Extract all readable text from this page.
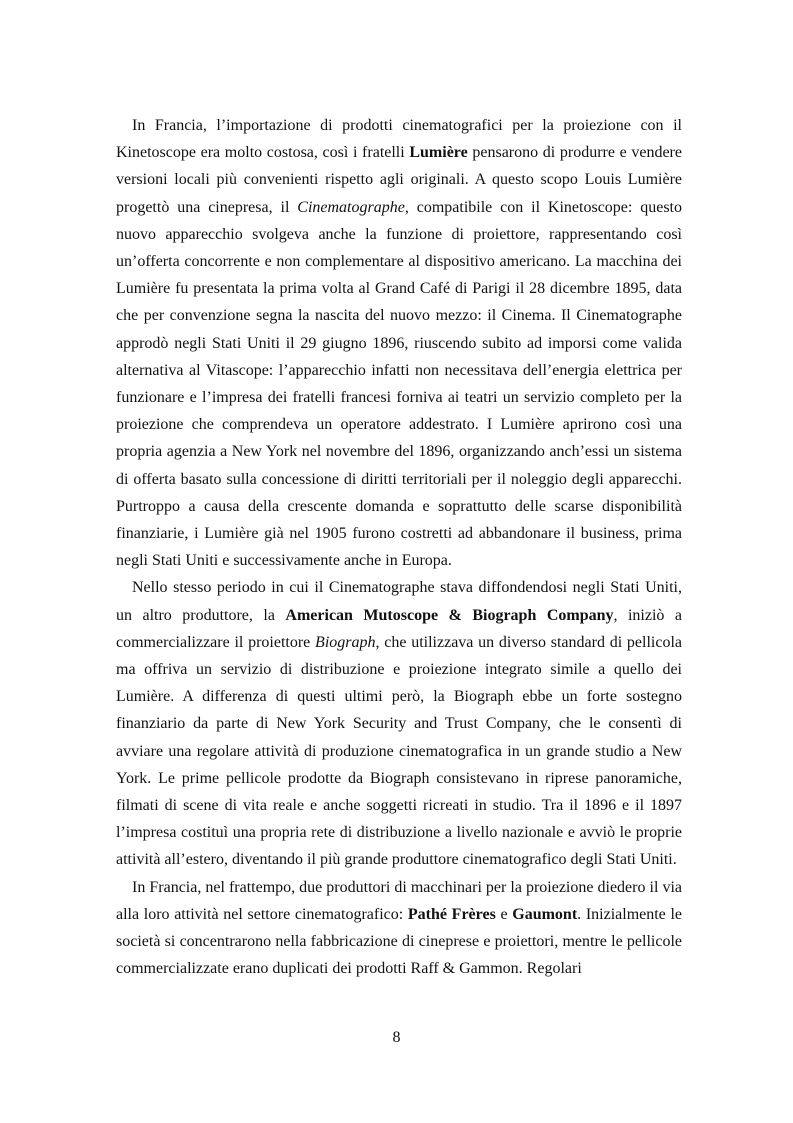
In Francia, l’importazione di prodotti cinematografici per la proiezione con il Kinetoscope era molto costosa, così i fratelli Lumière pensarono di produrre e vendere versioni locali più convenienti rispetto agli originali. A questo scopo Louis Lumière progettò una cinepresa, il Cinematographe, compatibile con il Kinetoscope: questo nuovo apparecchio svolgeva anche la funzione di proiettore, rappresentando così un’offerta concorrente e non complementare al dispositivo americano. La macchina dei Lumière fu presentata la prima volta al Grand Café di Parigi il 28 dicembre 1895, data che per convenzione segna la nascita del nuovo mezzo: il Cinema. Il Cinematographe approdò negli Stati Uniti il 29 giugno 1896, riuscendo subito ad imporsi come valida alternativa al Vitascope: l’apparecchio infatti non necessitava dell’energia elettrica per funzionare e l’impresa dei fratelli francesi forniva ai teatri un servizio completo per la proiezione che comprendeva un operatore addestrato. I Lumière aprirono così una propria agenzia a New York nel novembre del 1896, organizzando anch’essi un sistema di offerta basato sulla concessione di diritti territoriali per il noleggio degli apparecchi. Purtroppo a causa della crescente domanda e soprattutto delle scarse disponibilità finanziarie, i Lumière già nel 1905 furono costretti ad abbandonare il business, prima negli Stati Uniti e successivamente anche in Europa.

Nello stesso periodo in cui il Cinematographe stava diffondendosi negli Stati Uniti, un altro produttore, la American Mutoscope & Biograph Company, iniziò a commercializzare il proiettore Biograph, che utilizzava un diverso standard di pellicola ma offriva un servizio di distribuzione e proiezione integrato simile a quello dei Lumière. A differenza di questi ultimi però, la Biograph ebbe un forte sostegno finanziario da parte di New York Security and Trust Company, che le consentì di avviare una regolare attività di produzione cinematografica in un grande studio a New York. Le prime pellicole prodotte da Biograph consistevano in riprese panoramiche, filmati di scene di vita reale e anche soggetti ricreati in studio. Tra il 1896 e il 1897 l’impresa costituì una propria rete di distribuzione a livello nazionale e avviò le proprie attività all’estero, diventando il più grande produttore cinematografico degli Stati Uniti.

In Francia, nel frattempo, due produttori di macchinari per la proiezione diedero il via alla loro attività nel settore cinematografico: Pathé Frères e Gaumont. Inizialmente le società si concentrarono nella fabbricazione di cinepresе e proiettori, mentre le pellicole commercializzate erano duplicati dei prodotti Raff & Gammon. Regolari

8
